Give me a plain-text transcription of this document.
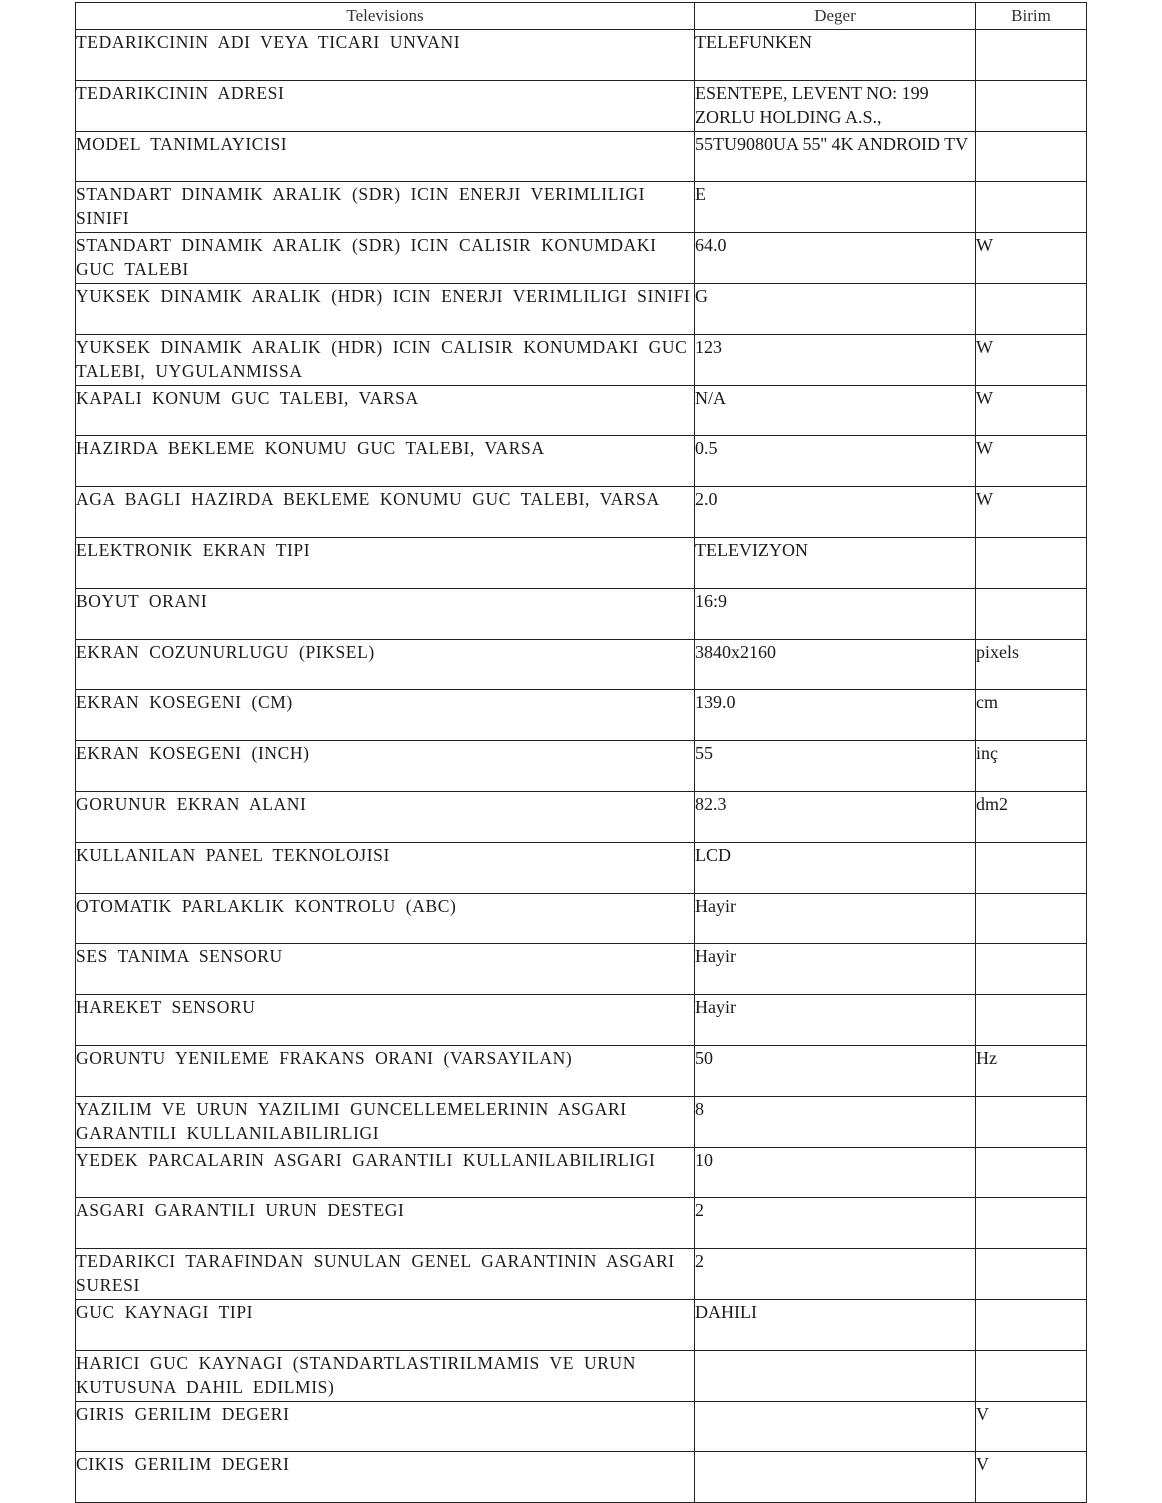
Televisions	Deger	Birim
TEDARIKCININ ADI VEYA TICARI UNVANI	TELEFUNKEN	
TEDARIKCININ ADRESI	ESENTEPE, LEVENT NO: 199 ZORLU HOLDING A.S.,	
MODEL TANIMLAYICISI	55TU9080UA 55'' 4K ANDROID TV	
STANDART DINAMIK ARALIK (SDR) ICIN ENERJI VERIMLILIGI SINIFI	E	
STANDART DINAMIK ARALIK (SDR) ICIN CALISIR KONUMDAKI GUC TALEBI	64.0	W
YUKSEK DINAMIK ARALIK (HDR) ICIN ENERJI VERIMLILIGI SINIFI	G	
YUKSEK DINAMIK ARALIK (HDR) ICIN CALISIR KONUMDAKI GUC TALEBI, UYGULANMISSA	123	W
KAPALI KONUM GUC TALEBI, VARSA	N/A	W
HAZIRDA BEKLEME KONUMU GUC TALEBI, VARSA	0.5	W
AGA BAGLI HAZIRDA BEKLEME KONUMU GUC TALEBI, VARSA	2.0	W
ELEKTRONIK EKRAN TIPI	TELEVIZYON	
BOYUT ORANI	16:9	
EKRAN COZUNURLUGU (PIKSEL)	3840x2160	pixels
EKRAN KOSEGENI (CM)	139.0	cm
EKRAN KOSEGENI (INCH)	55	inç
GORUNUR EKRAN ALANI	82.3	dm2
KULLANILAN PANEL TEKNOLOJISI	LCD	
OTOMATIK PARLAKLIK KONTROLU (ABC)	Hayir	
SES TANIMA SENSORU	Hayir	
HAREKET SENSORU	Hayir	
GORUNTU YENILEME FRAKANS ORANI (VARSAYILAN)	50	Hz
YAZILIM VE URUN YAZILIMI GUNCELLEMELERININ ASGARI GARANTILI KULLANILABILIRLIGI	8	
YEDEK PARCALARIN ASGARI GARANTILI KULLANILABILIRLIGI	10	
ASGARI GARANTILI URUN DESTEGI	2	
TEDARIKCI TARAFINDAN SUNULAN GENEL GARANTININ ASGARI SURESI	2	
GUC KAYNAGI TIPI	DAHILI	
HARICI GUC KAYNAGI (STANDARTLASTIRILMAMIS VE URUN KUTUSUNA DAHIL EDILMIS)		
GIRIS GERILIM DEGERI		V
CIKIS GERILIM DEGERI		V
